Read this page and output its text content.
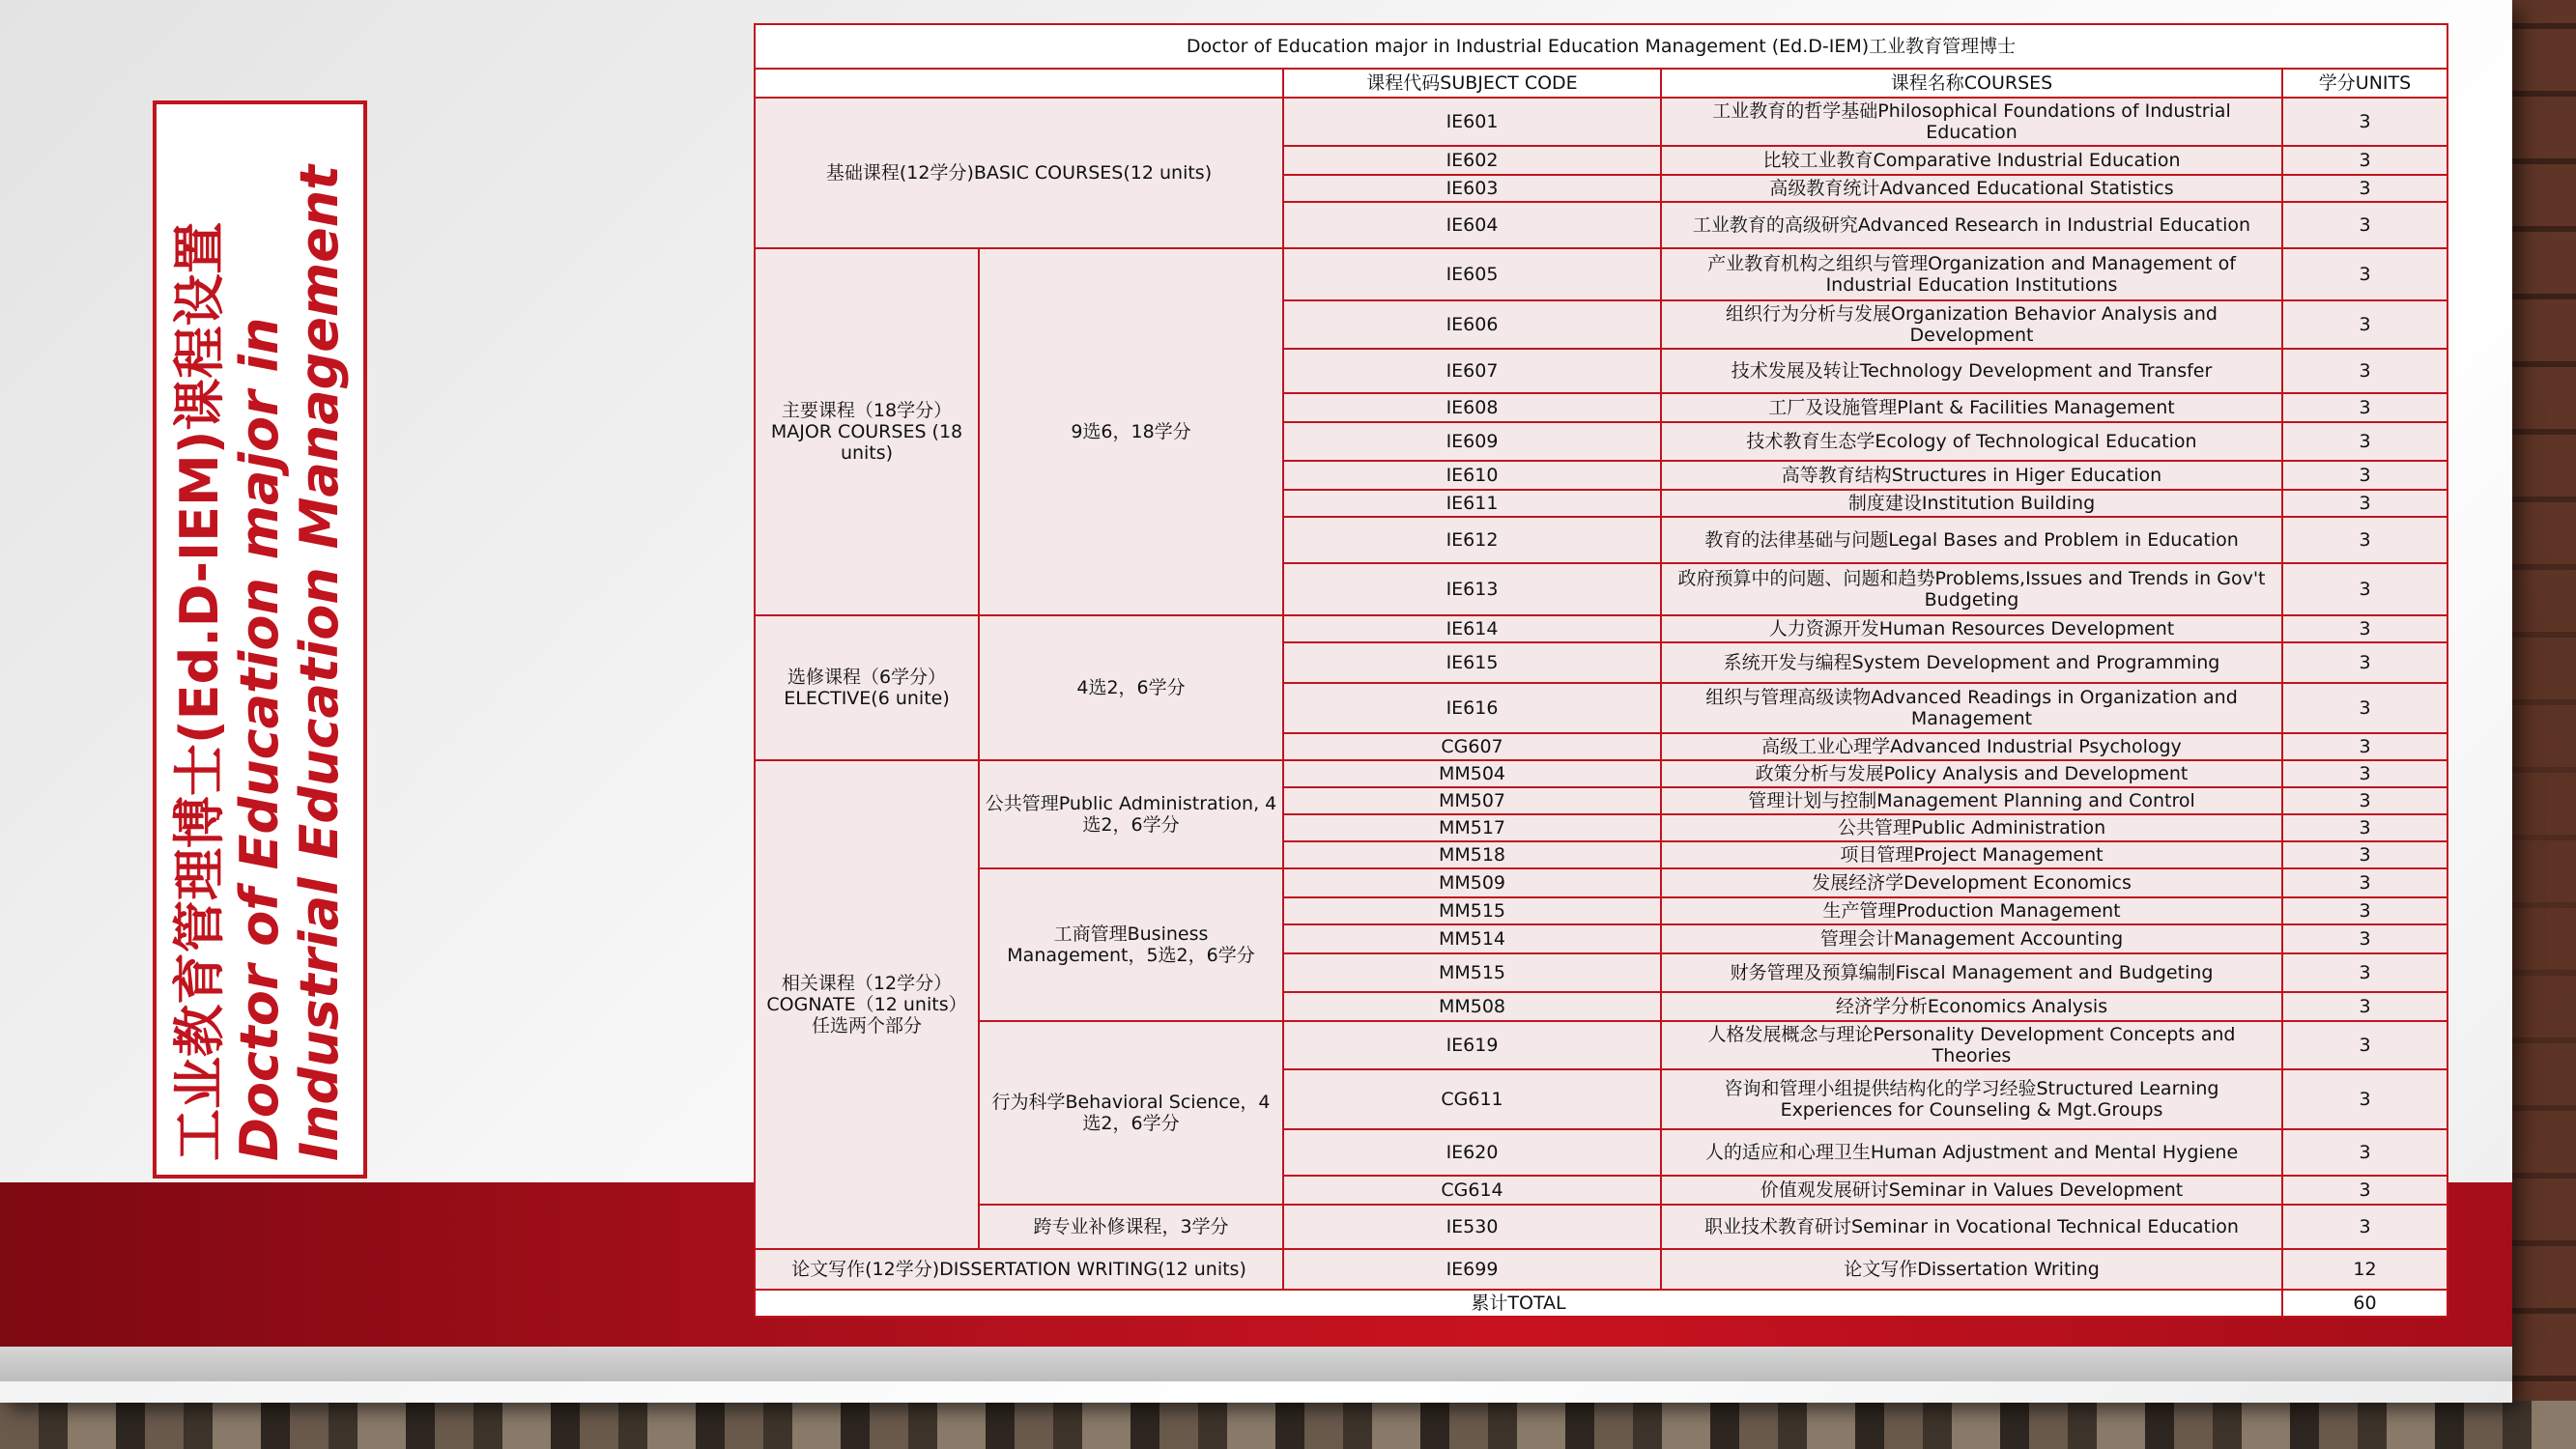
工业教育管理博士(Ed.D-IEM)课程设置 Doctor of Education major in Industrial Education Management
Doctor of Education major in Industrial Education Management (Ed.D-IEM)工业教育管理博士				
		课程代码SUBJECT CODE	课程名称COURSES	学分UNITS
基础课程(12学分)BASIC COURSES(12 units)		IE601	工业教育的哲学基础Philosophical Foundations of Industrial Education	3
		IE602	比较工业教育Comparative Industrial Education	3
		IE603	高级教育统计Advanced Educational Statistics	3
		IE604	工业教育的高级研究Advanced Research in Industrial Education	3
主要课程（18学分）MAJOR COURSES (18 units)	9选6，18学分	IE605	产业教育机构之组织与管理Organization and Management of Industrial Education Institutions	3
		IE606	组织行为分析与发展Organization Behavior Analysis and Development	3
		IE607	技术发展及转让Technology Development and Transfer	3
		IE608	工厂及设施管理Plant & Facilities Management	3
		IE609	技术教育生态学Ecology of Technological Education	3
		IE610	高等教育结构Structures in Higer Education	3
		IE611	制度建设Institution Building	3
		IE612	教育的法律基础与问题Legal Bases and Problem in Education	3
		IE613	政府预算中的问题、问题和趋势Problems,Issues and Trends in Gov't Budgeting	3
选修课程（6学分）ELECTIVE(6 unite)	4选2，6学分	IE614	人力资源开发Human Resources Development	3
		IE615	系统开发与编程System Development and Programming	3
		IE616	组织与管理高级读物Advanced Readings in Organization and Management	3
		CG607	高级工业心理学Advanced Industrial Psychology	3
相关课程（12学分）COGNATE（12 units）任选两个部分	公共管理Public Administration, 4选2，6学分	MM504	政策分析与发展Policy Analysis and Development	3
		MM507	管理计划与控制Management Planning and Control	3
		MM517	公共管理Public Administration	3
		MM518	项目管理Project Management	3
	工商管理Business Management，5选2，6学分	MM509	发展经济学Development Economics	3
		MM515	生产管理Production Management	3
		MM514	管理会计Management Accounting	3
		MM515	财务管理及预算编制Fiscal Management and Budgeting	3
		MM508	经济学分析Economics Analysis	3
	行为科学Behavioral Science，4选2，6学分	IE619	人格发展概念与理论Personality Development Concepts and Theories	3
		CG611	咨询和管理小组提供结构化的学习经验Structured Learning Experiences for Counseling & Mgt.Groups	3
		IE620	人的适应和心理卫生Human Adjustment and Mental Hygiene	3
		CG614	价值观发展研讨Seminar in Values Development	3
	跨专业补修课程，3学分	IE530	职业技术教育研讨Seminar in Vocational Technical Education	3
论文写作(12学分)DISSERTATION WRITING(12 units)		IE699	论文写作Dissertation Writing	12
累计TOTAL				60
